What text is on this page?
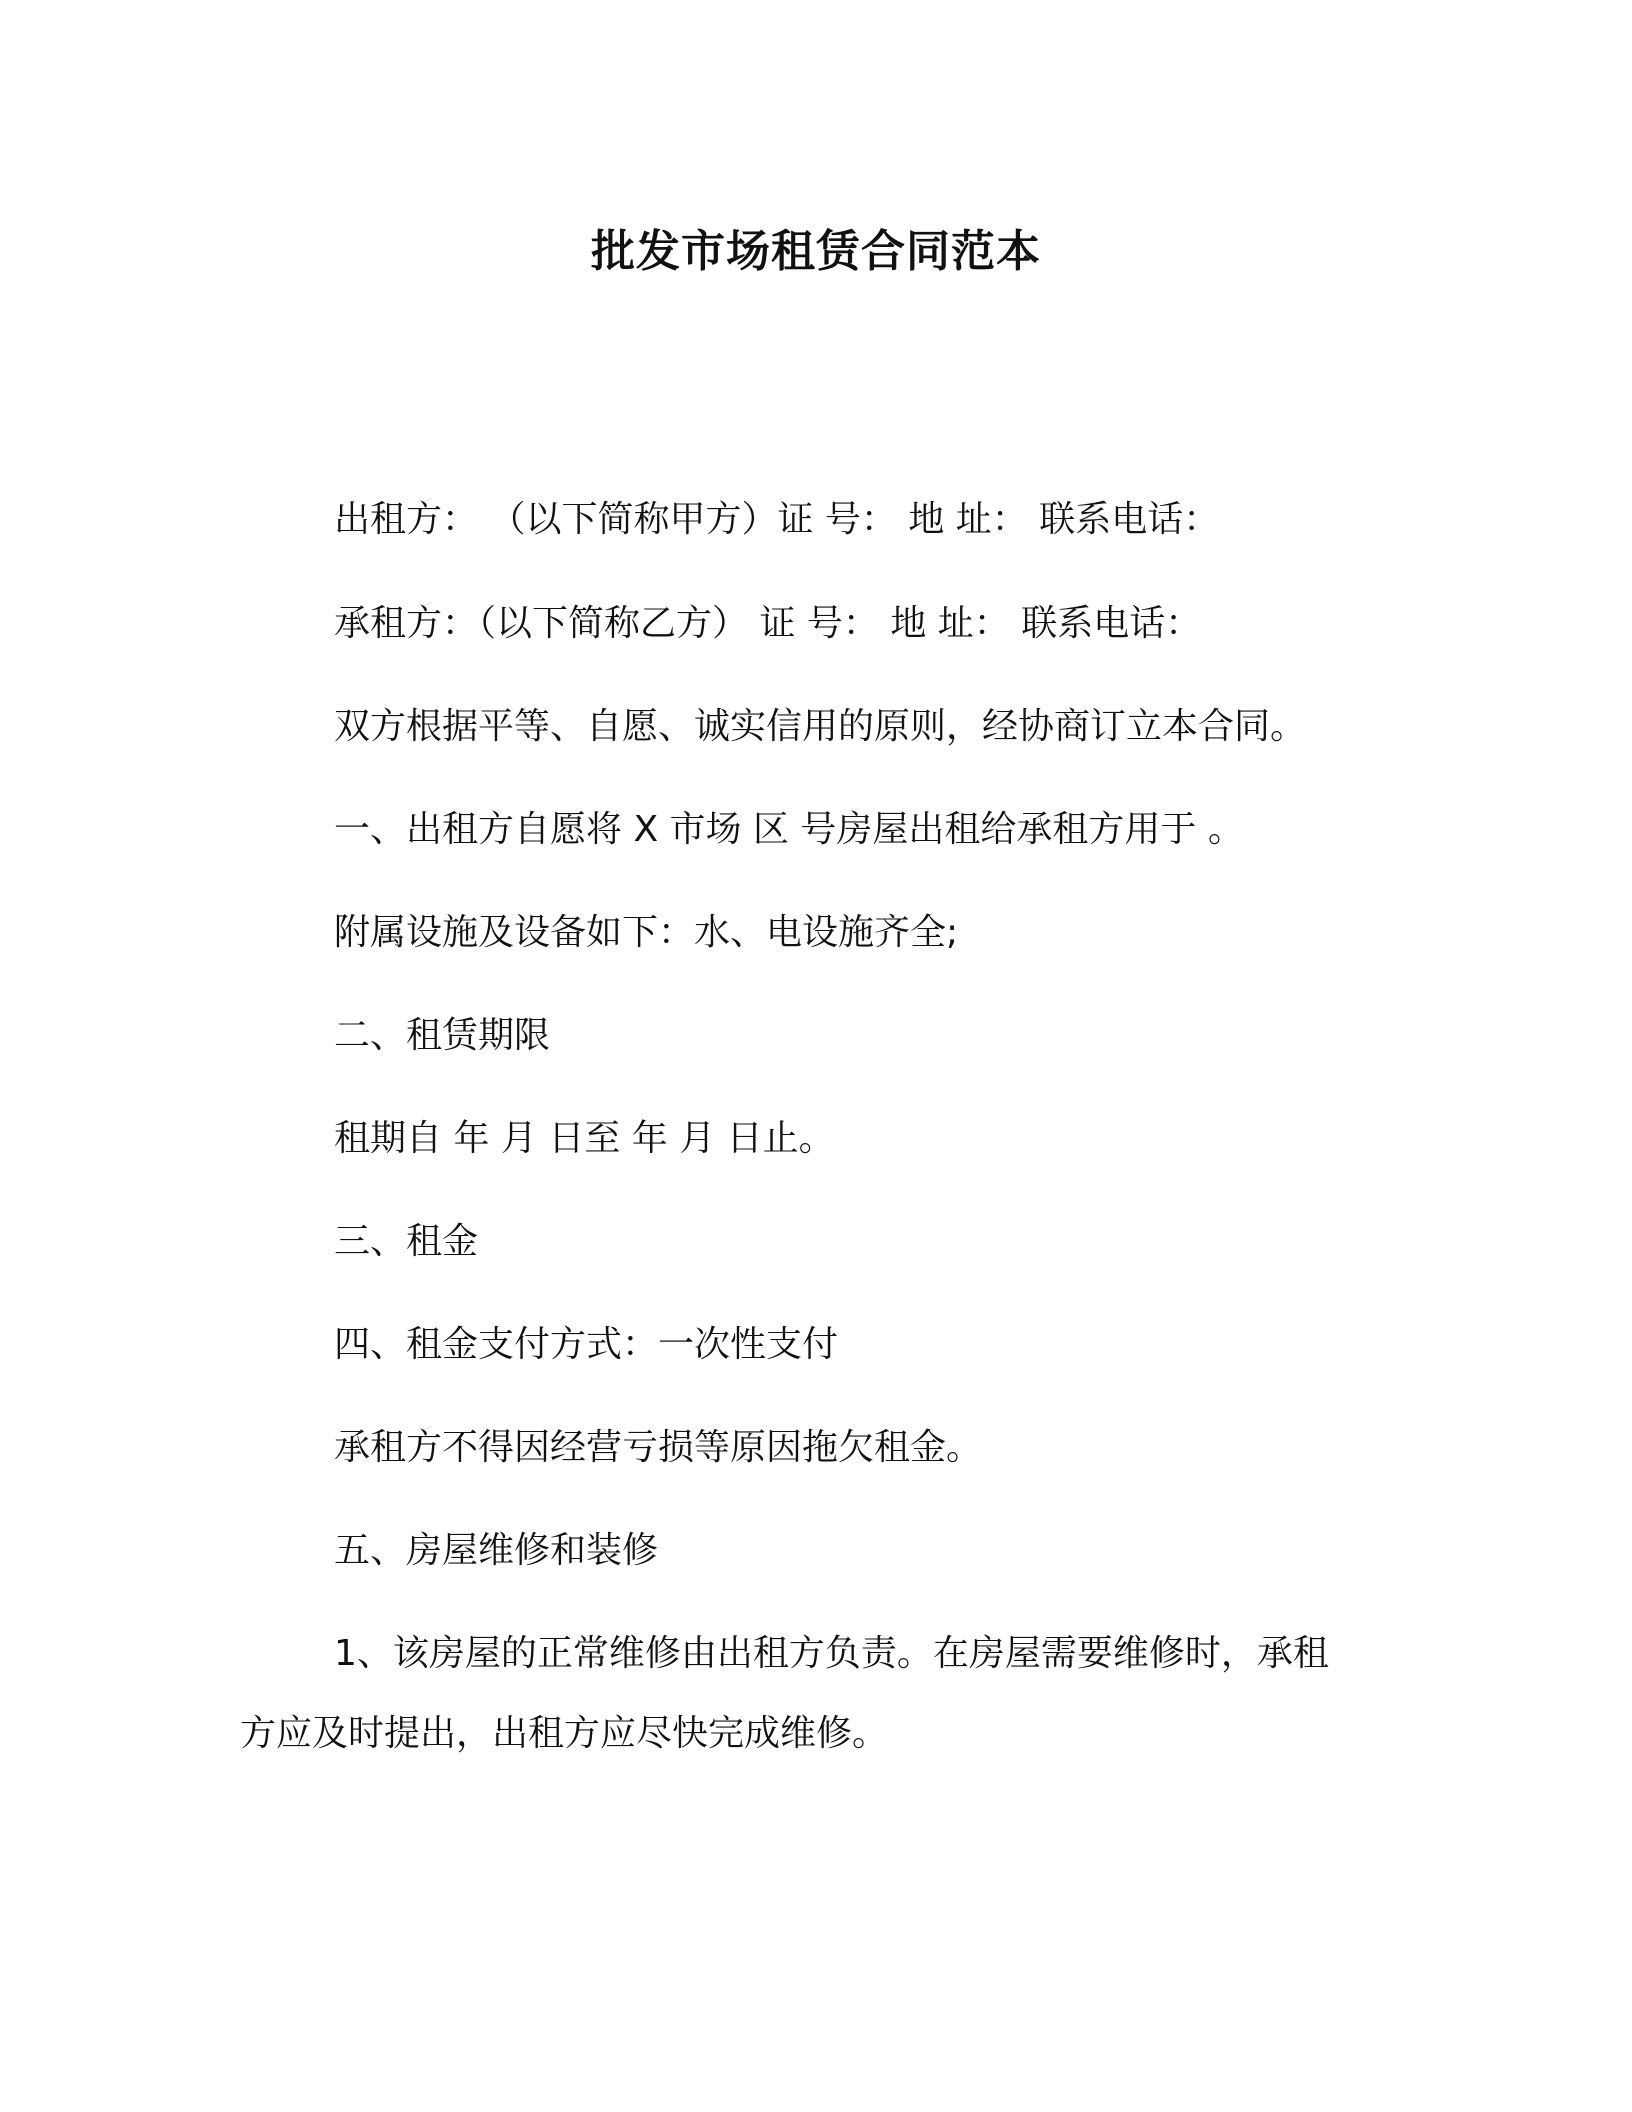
批发市场租赁合同范本
出租方： （以下简称甲方）证 号： 地 址： 联系电话：
承租方：（以下简称乙方） 证 号： 地 址： 联系电话：
双方根据平等、自愿、诚实信用的原则，经协商订立本合同。
一、出租方自愿将 X 市场 区 号房屋出租给承租方用于 。
附属设施及设备如下：水、电设施齐全;
二、租赁期限
租期自 年 月 日至 年 月 日止。
三、租金
四、租金支付方式：一次性支付
承租方不得因经营亏损等原因拖欠租金。
五、房屋维修和装修
1、该房屋的正常维修由出租方负责。在房屋需要维修时，承租
方应及时提出，出租方应尽快完成维修。
